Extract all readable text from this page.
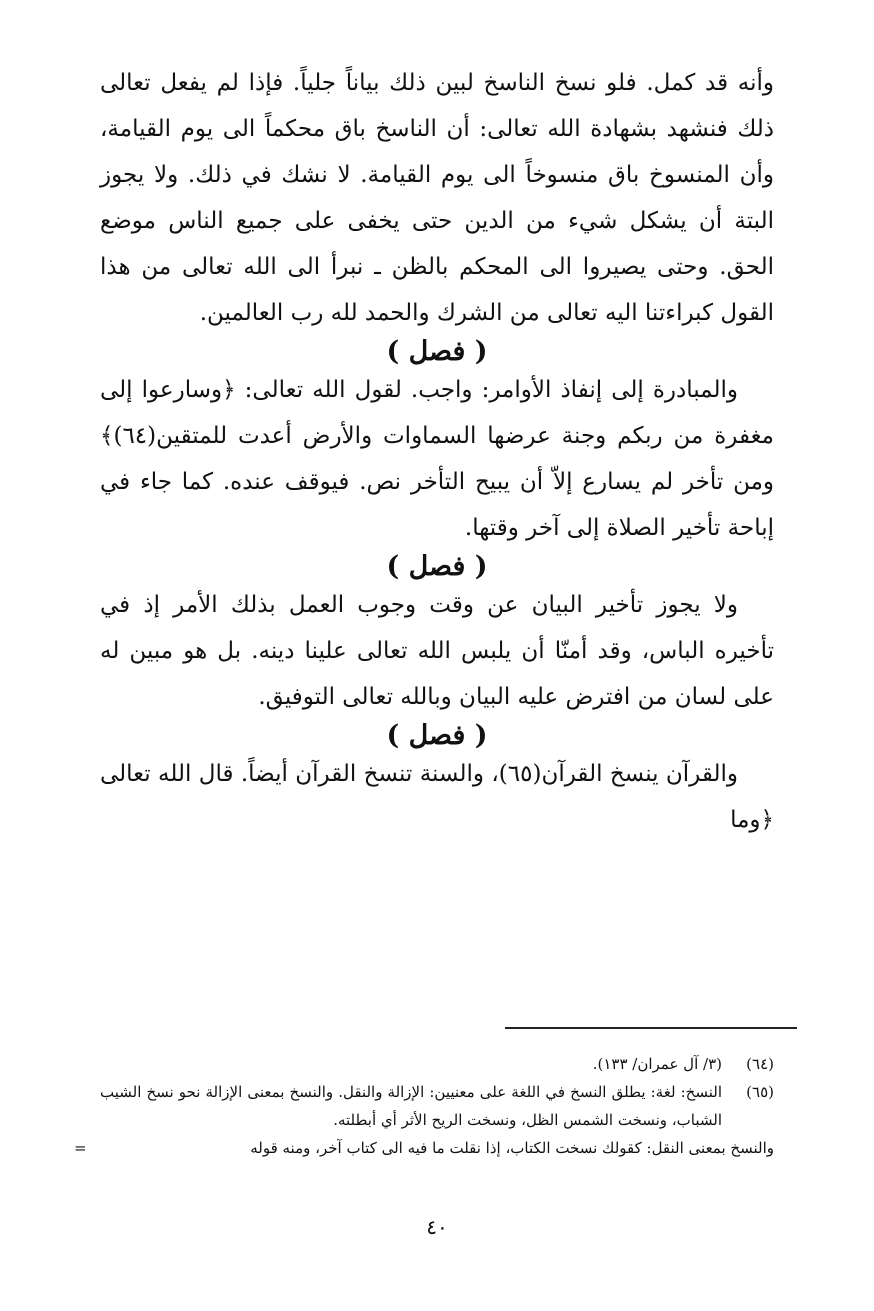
وأنه قد كمل. فلو نسخ الناسخ لبين ذلك بياناً جلياً. فإذا لم يفعل تعالى ذلك فنشهد بشهادة الله تعالى: أن الناسخ باق محكماً الى يوم القيامة، وأن المنسوخ باق منسوخاً الى يوم القيامة. لا نشك في ذلك. ولا يجوز البتة أن يشكل شيء من الدين حتى يخفى على جميع الناس موضع الحق. وحتى يصيروا الى المحكم بالظن ـ نبرأ الى الله تعالى من هذا القول كبراءتنا اليه تعالى من الشرك والحمد لله رب العالمين.

( فصل )

والمبادرة إلى إنفاذ الأوامر: واجب. لقول الله تعالى: ﴿وسارعوا إلى مغفرة من ربكم وجنة عرضها السماوات والأرض أعدت للمتقين(٦٤)﴾ ومن تأخر لم يسارع إلاّ أن يبيح التأخر نص. فيوقف عنده. كما جاء في إباحة تأخير الصلاة إلى آخر وقتها.

( فصل )

ولا يجوز تأخير البيان عن وقت وجوب العمل بذلك الأمر إذ في تأخيره الباس، وقد أمنّا أن يلبس الله تعالى علينا دينه. بل هو مبين له على لسان من افترض عليه البيان وبالله تعالى التوفيق.

( فصل )

والقرآن ينسخ القرآن(٦٥)، والسنة تنسخ القرآن أيضاً. قال الله تعالى ﴿وما

(٦٤)
(٣/ آل عمران/ ١٣٣).
(٦٥)
النسخ: لغة: يطلق النسخ في اللغة على معنيين: الإزالة والنقل. والنسخ بمعنى الإزالة نحو نسخ الشيب الشباب، ونسخت الشمس الظل، ونسخت الريح الأثر أي أبطلته.
والنسخ بمعنى النقل: كقولك نسخت الكتاب، إذا نقلت ما فيه الى كتاب آخر، ومنه قوله
=
٤٠
